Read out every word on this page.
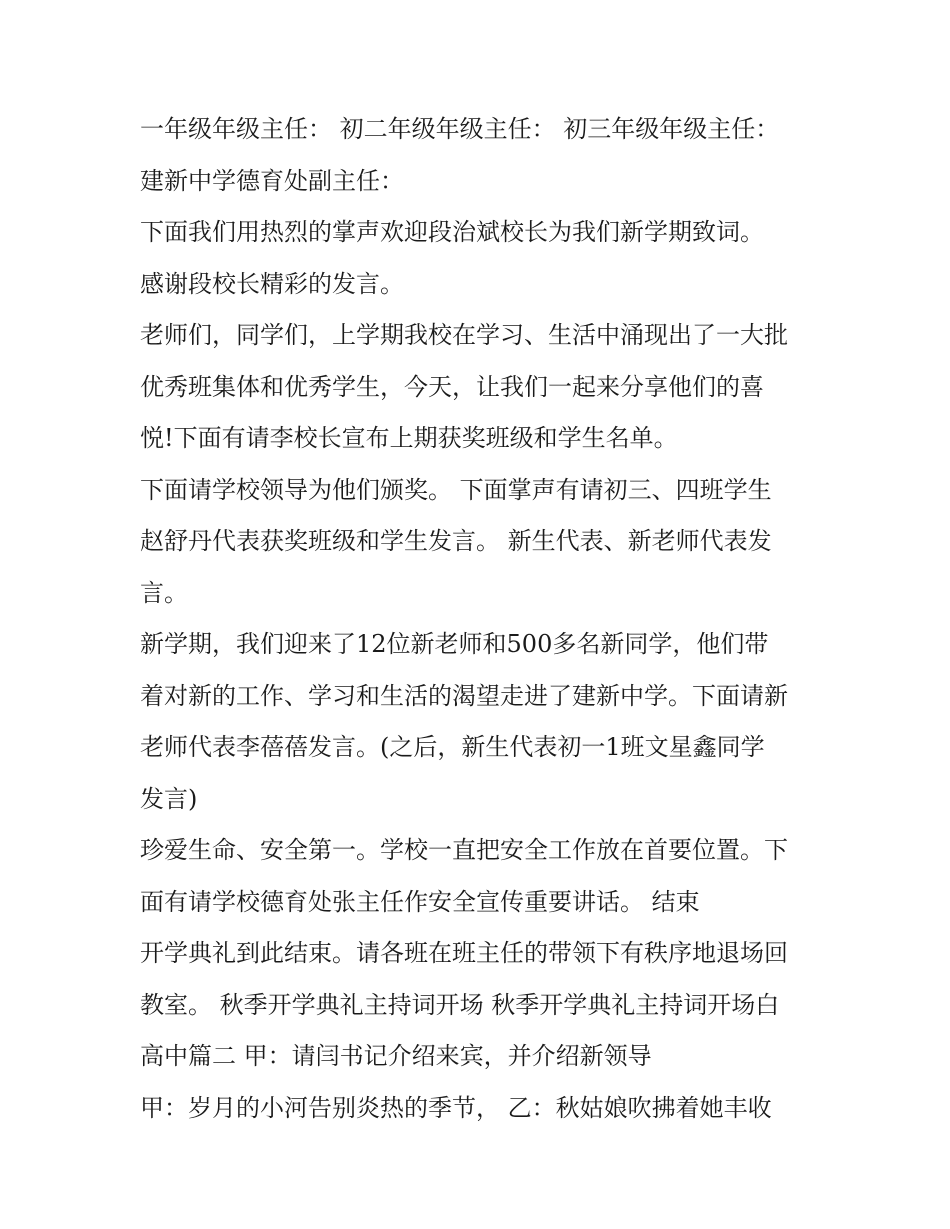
一年级年级主任： 初二年级年级主任： 初三年级年级主任：
建新中学德育处副主任：
下面我们用热烈的掌声欢迎段治斌校长为我们新学期致词。
感谢段校长精彩的发言。
老师们，同学们，上学期我校在学习、生活中涌现出了一大批
优秀班集体和优秀学生，今天，让我们一起来分享他们的喜
悦!下面有请李校长宣布上期获奖班级和学生名单。
下面请学校领导为他们颁奖。 下面掌声有请初三、四班学生
赵舒丹代表获奖班级和学生发言。 新生代表、新老师代表发
言。
新学期，我们迎来了12位新老师和500多名新同学，他们带
着对新的工作、学习和生活的渴望走进了建新中学。下面请新
老师代表李蓓蓓发言。(之后，新生代表初一1班文星鑫同学
发言)
珍爱生命、安全第一。学校一直把安全工作放在首要位置。下
面有请学校德育处张主任作安全宣传重要讲话。 结束
开学典礼到此结束。请各班在班主任的带领下有秩序地退场回
教室。 秋季开学典礼主持词开场 秋季开学典礼主持词开场白
高中篇二 甲：请闫书记介绍来宾，并介绍新领导
甲：岁月的小河告别炎热的季节， 乙：秋姑娘吹拂着她丰收
